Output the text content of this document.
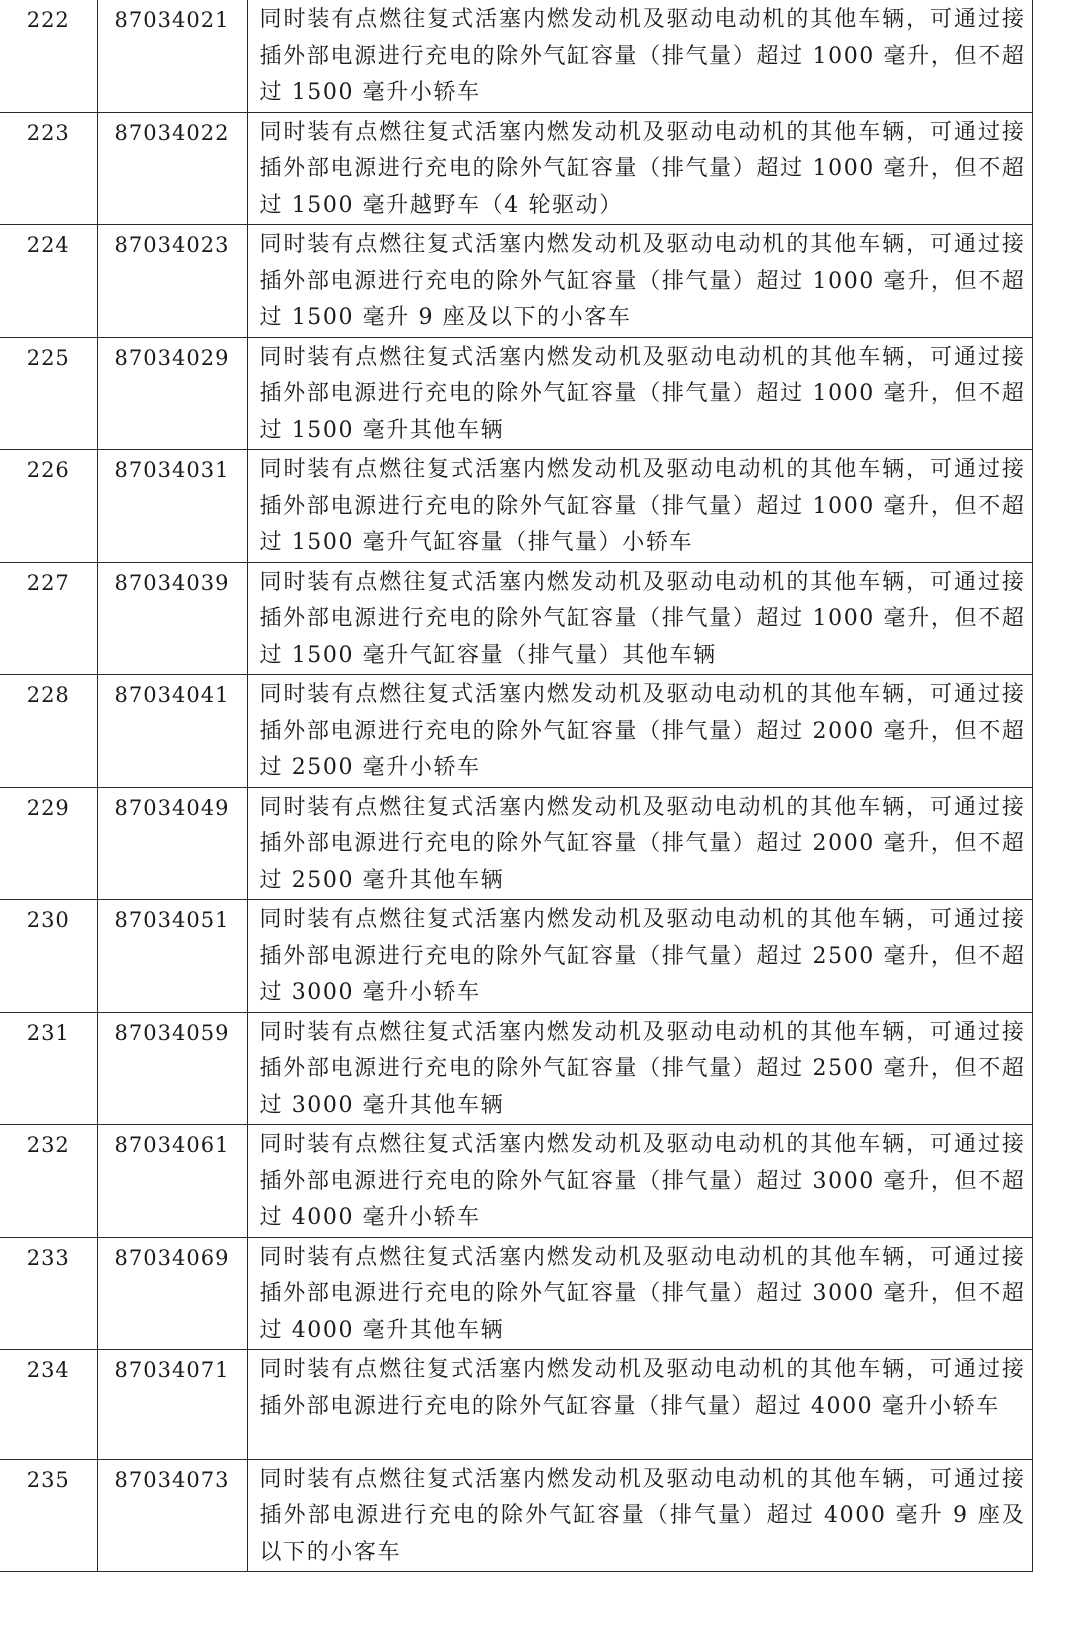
222	87034021	同时装有点燃往复式活塞内燃发动机及驱动电动机的其他车辆，可通过接插外部电源进行充电的除外气缸容量（排气量）超过 1000 毫升，但不超过 1500 毫升小轿车
223	87034022	同时装有点燃往复式活塞内燃发动机及驱动电动机的其他车辆，可通过接插外部电源进行充电的除外气缸容量（排气量）超过 1000 毫升，但不超过 1500 毫升越野车（4 轮驱动）
224	87034023	同时装有点燃往复式活塞内燃发动机及驱动电动机的其他车辆，可通过接插外部电源进行充电的除外气缸容量（排气量）超过 1000 毫升，但不超过 1500 毫升 9 座及以下的小客车
225	87034029	同时装有点燃往复式活塞内燃发动机及驱动电动机的其他车辆，可通过接插外部电源进行充电的除外气缸容量（排气量）超过 1000 毫升，但不超过 1500 毫升其他车辆
226	87034031	同时装有点燃往复式活塞内燃发动机及驱动电动机的其他车辆，可通过接插外部电源进行充电的除外气缸容量（排气量）超过 1000 毫升，但不超过 1500 毫升气缸容量（排气量）小轿车
227	87034039	同时装有点燃往复式活塞内燃发动机及驱动电动机的其他车辆，可通过接插外部电源进行充电的除外气缸容量（排气量）超过 1000 毫升，但不超过 1500 毫升气缸容量（排气量）其他车辆
228	87034041	同时装有点燃往复式活塞内燃发动机及驱动电动机的其他车辆，可通过接插外部电源进行充电的除外气缸容量（排气量）超过 2000 毫升，但不超过 2500 毫升小轿车
229	87034049	同时装有点燃往复式活塞内燃发动机及驱动电动机的其他车辆，可通过接插外部电源进行充电的除外气缸容量（排气量）超过 2000 毫升，但不超过 2500 毫升其他车辆
230	87034051	同时装有点燃往复式活塞内燃发动机及驱动电动机的其他车辆，可通过接插外部电源进行充电的除外气缸容量（排气量）超过 2500 毫升，但不超过 3000 毫升小轿车
231	87034059	同时装有点燃往复式活塞内燃发动机及驱动电动机的其他车辆，可通过接插外部电源进行充电的除外气缸容量（排气量）超过 2500 毫升，但不超过 3000 毫升其他车辆
232	87034061	同时装有点燃往复式活塞内燃发动机及驱动电动机的其他车辆，可通过接插外部电源进行充电的除外气缸容量（排气量）超过 3000 毫升，但不超过 4000 毫升小轿车
233	87034069	同时装有点燃往复式活塞内燃发动机及驱动电动机的其他车辆，可通过接插外部电源进行充电的除外气缸容量（排气量）超过 3000 毫升，但不超过 4000 毫升其他车辆
234	87034071	同时装有点燃往复式活塞内燃发动机及驱动电动机的其他车辆，可通过接插外部电源进行充电的除外气缸容量（排气量）超过 4000 毫升小轿车
235	87034073	同时装有点燃往复式活塞内燃发动机及驱动电动机的其他车辆，可通过接插外部电源进行充电的除外气缸容量（排气量）超过 4000 毫升 9 座及以下的小客车
